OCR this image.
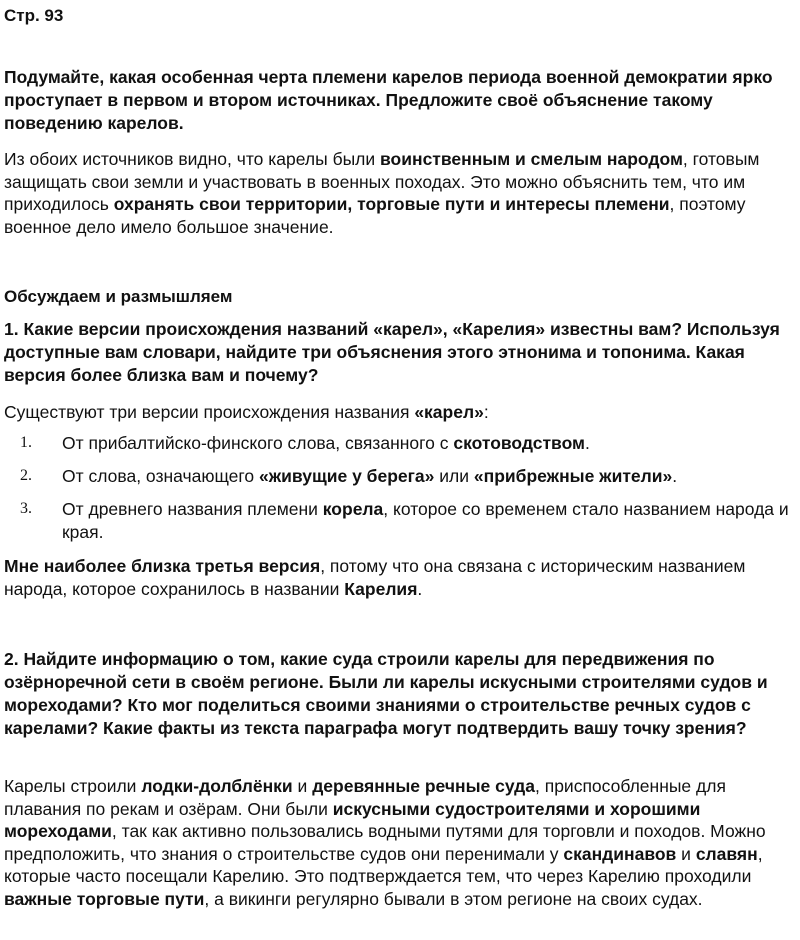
Стр. 93
Подумайте, какая особенная черта племени карелов периода военной демократии ярко проступает в первом и втором источниках. Предложите своё объяснение такому поведению карелов.
Из обоих источников видно, что карелы были воинственным и смелым народом, готовым защищать свои земли и участвовать в военных походах. Это можно объяснить тем, что им приходилось охранять свои территории, торговые пути и интересы племени, поэтому военное дело имело большое значение.
Обсуждаем и размышляем
1. Какие версии происхождения названий «карел», «Карелия» известны вам? Используя доступные вам словари, найдите три объяснения этого этнонима и топонима. Какая версия более близка вам и почему?
Существуют три версии происхождения названия «карел»:
1. От прибалтийско-финского слова, связанного с скотоводством.
2. От слова, означающего «живущие у берега» или «прибрежные жители».
3. От древнего названия племени корела, которое со временем стало названием народа и края.
Мне наиболее близка третья версия, потому что она связана с историческим названием народа, которое сохранилось в названии Карелия.
2. Найдите информацию о том, какие суда строили карелы для передвижения по озёрноречной сети в своём регионе. Были ли карелы искусными строителями судов и мореходами? Кто мог поделиться своими знаниями о строительстве речных судов с карелами? Какие факты из текста параграфа могут подтвердить вашу точку зрения?
Карелы строили лодки-долблёнки и деревянные речные суда, приспособленные для плавания по рекам и озёрам. Они были искусными судостроителями и хорошими мореходами, так как активно пользовались водными путями для торговли и походов. Можно предположить, что знания о строительстве судов они перенимали у скандинавов и славян, которые часто посещали Карелию. Это подтверждается тем, что через Карелию проходили важные торговые пути, а викинги регулярно бывали в этом регионе на своих судах.
